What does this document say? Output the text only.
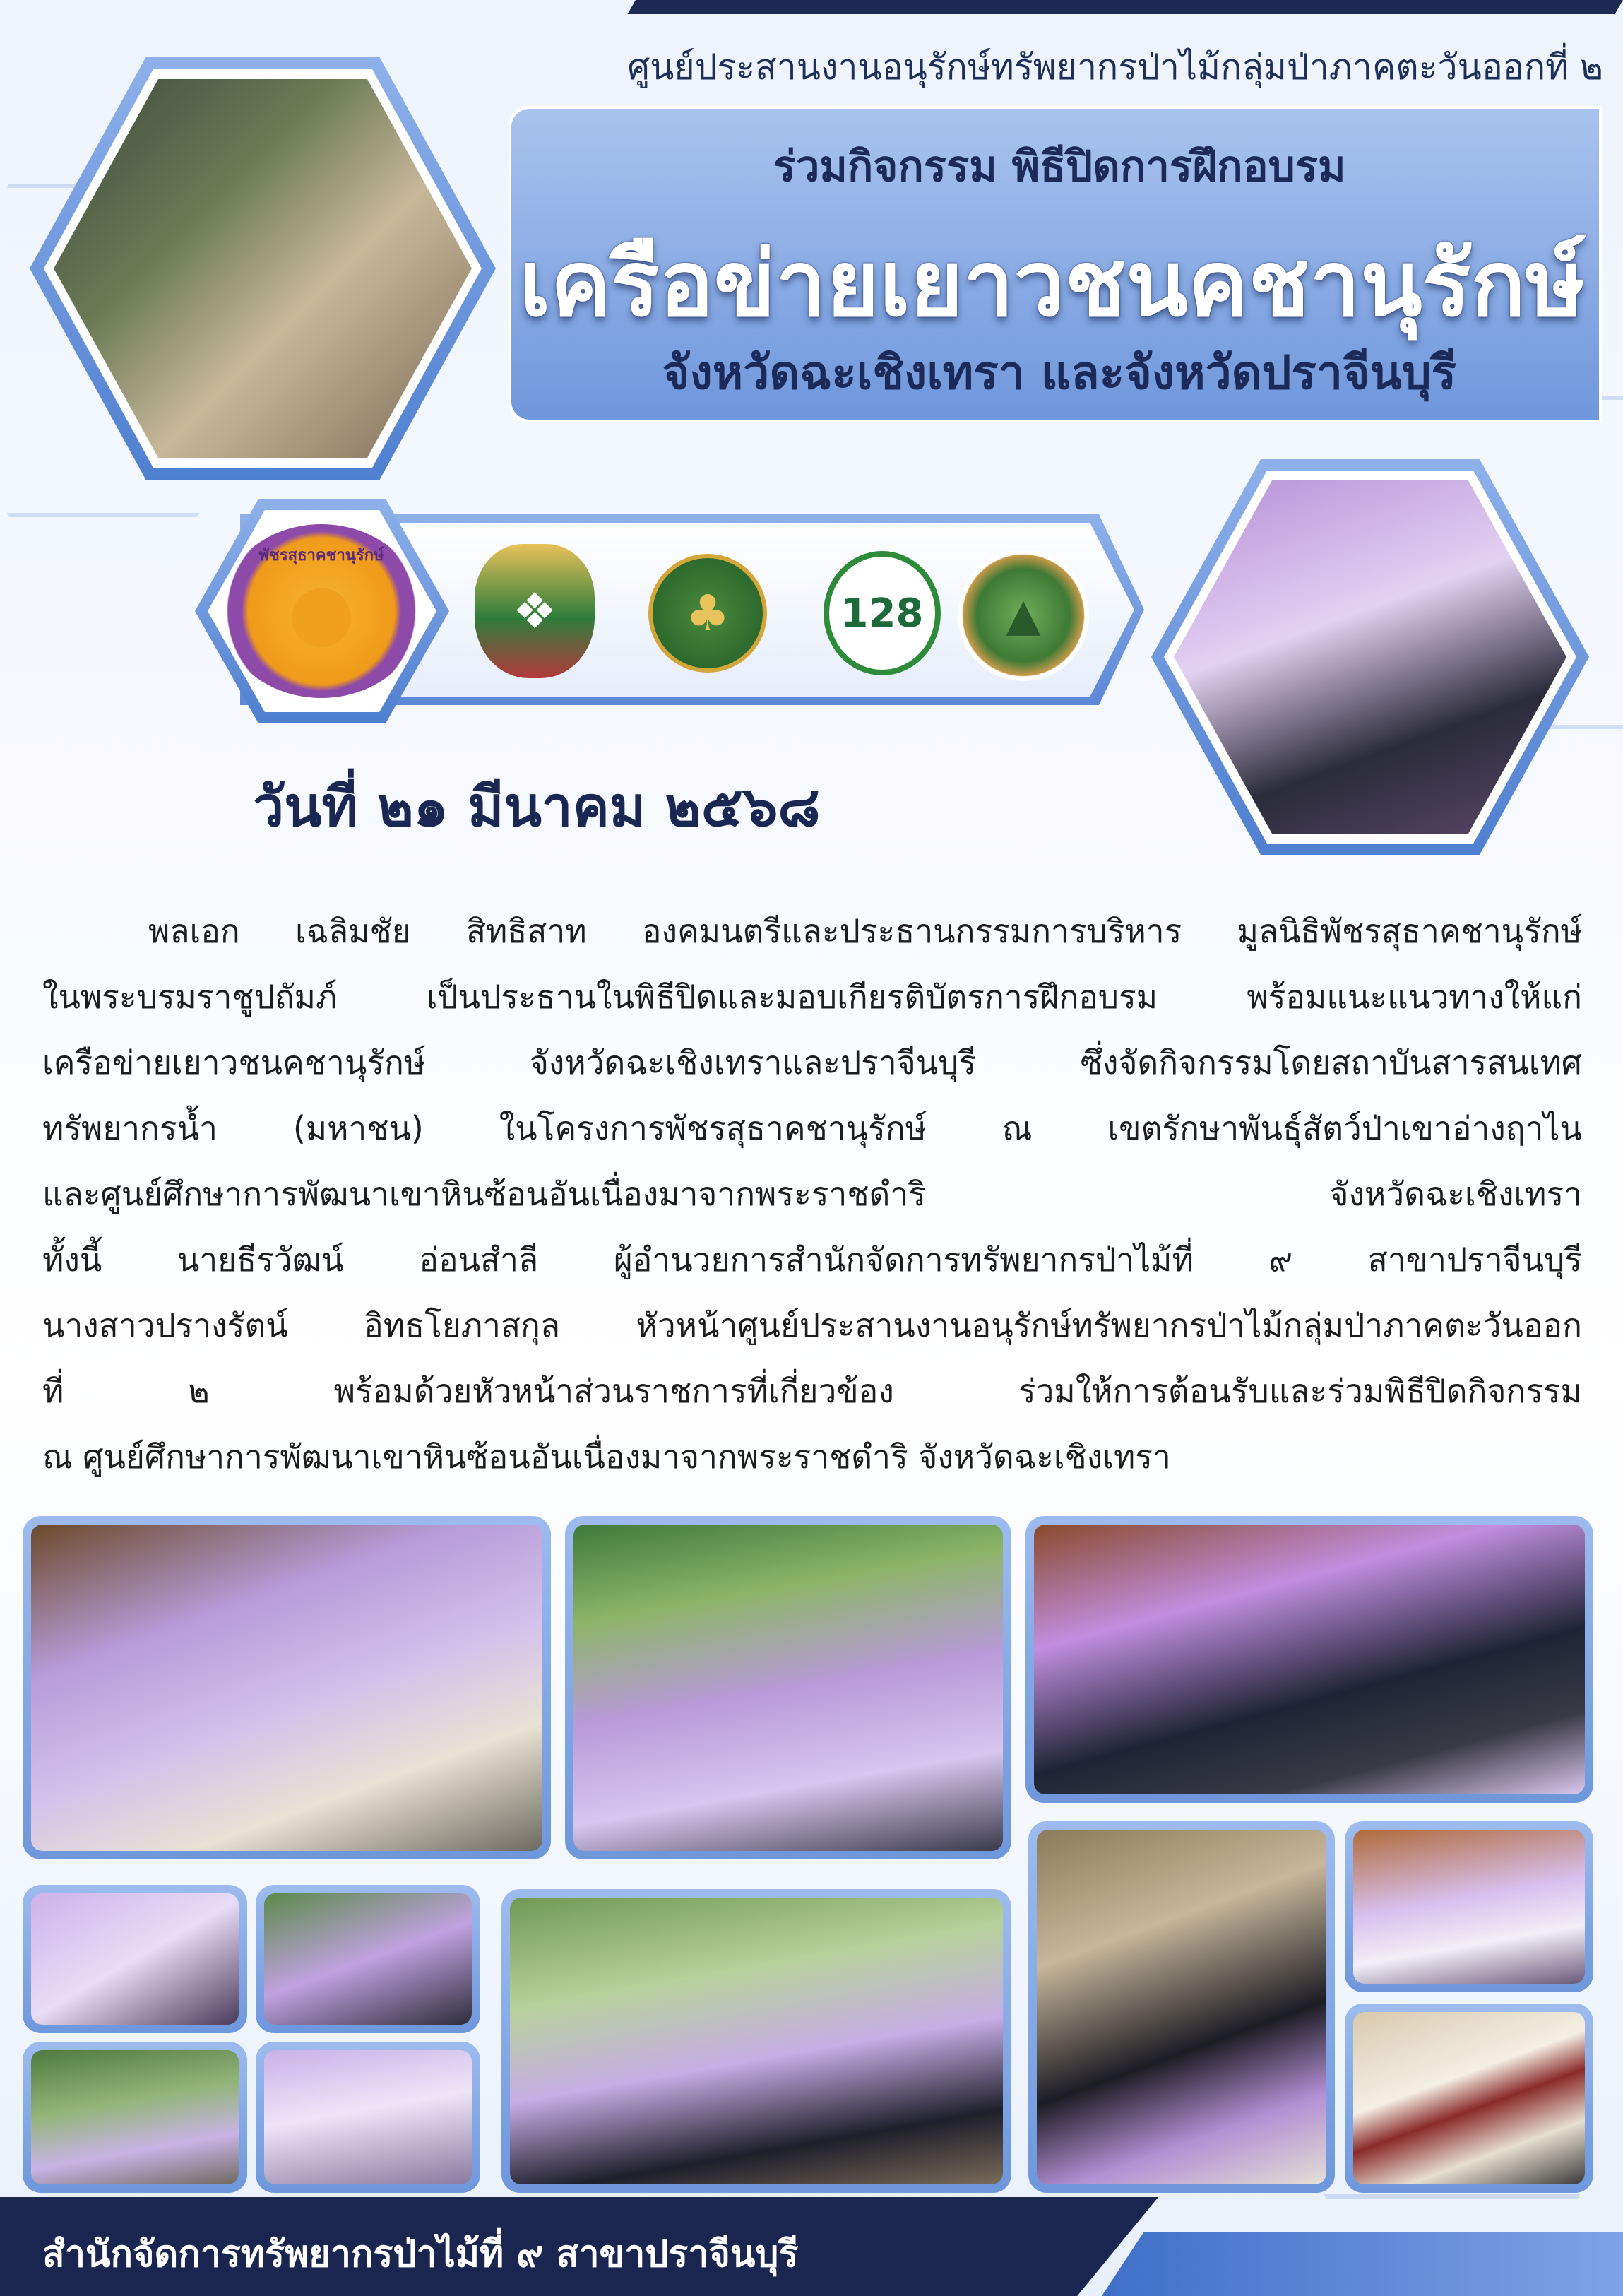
ศูนย์ประสานงานอนุรักษ์ทรัพยากรป่าไม้กลุ่มป่าภาคตะวันออกที่ ๒
ร่วมกิจกรรม พิธีปิดการฝึกอบรม
เครือข่ายเยาวชนคชานุรักษ์
จังหวัดฉะเชิงเทรา และจังหวัดปราจีนบุรี
พัชรสุธาคชานุรักษ์
●	❖	♣	128 ▲
วันที่ ๒๑ มีนาคม ๒๕๖๘
พลเอก เฉลิมชัย สิทธิสาท องคมนตรีและประธานกรรมการบริหาร มูลนิธิพัชรสุธาคชานุรักษ์
ในพระบรมราชูปถัมภ์ เป็นประธานในพิธีปิดและมอบเกียรติบัตรการฝึกอบรม พร้อมแนะแนวทางให้แก่
เครือข่ายเยาวชนคชานุรักษ์ จังหวัดฉะเชิงเทราและปราจีนบุรี ซึ่งจัดกิจกรรมโดยสถาบันสารสนเทศ
ทรัพยากรน้ำ (มหาชน) ในโครงการพัชรสุธาคชานุรักษ์ ณ เขตรักษาพันธุ์สัตว์ป่าเขาอ่างฤาไน
และศูนย์ศึกษาการพัฒนาเขาหินซ้อนอันเนื่องมาจากพระราชดำริ จังหวัดฉะเชิงเทรา
ทั้งนี้ นายธีรวัฒน์ อ่อนสำลี ผู้อำนวยการสำนักจัดการทรัพยากรป่าไม้ที่ ๙ สาขาปราจีนบุรี
นางสาวปรางรัตน์ อิทธโยภาสกุล หัวหน้าศูนย์ประสานงานอนุรักษ์ทรัพยากรป่าไม้กลุ่มป่าภาคตะวันออก
ที่ ๒ พร้อมด้วยหัวหน้าส่วนราชการที่เกี่ยวข้อง ร่วมให้การต้อนรับและร่วมพิธีปิดกิจกรรม
ณ ศูนย์ศึกษาการพัฒนาเขาหินซ้อนอันเนื่องมาจากพระราชดำริ จังหวัดฉะเชิงเทรา
สำนักจัดการทรัพยากรป่าไม้ที่ ๙ สาขาปราจีนบุรี
